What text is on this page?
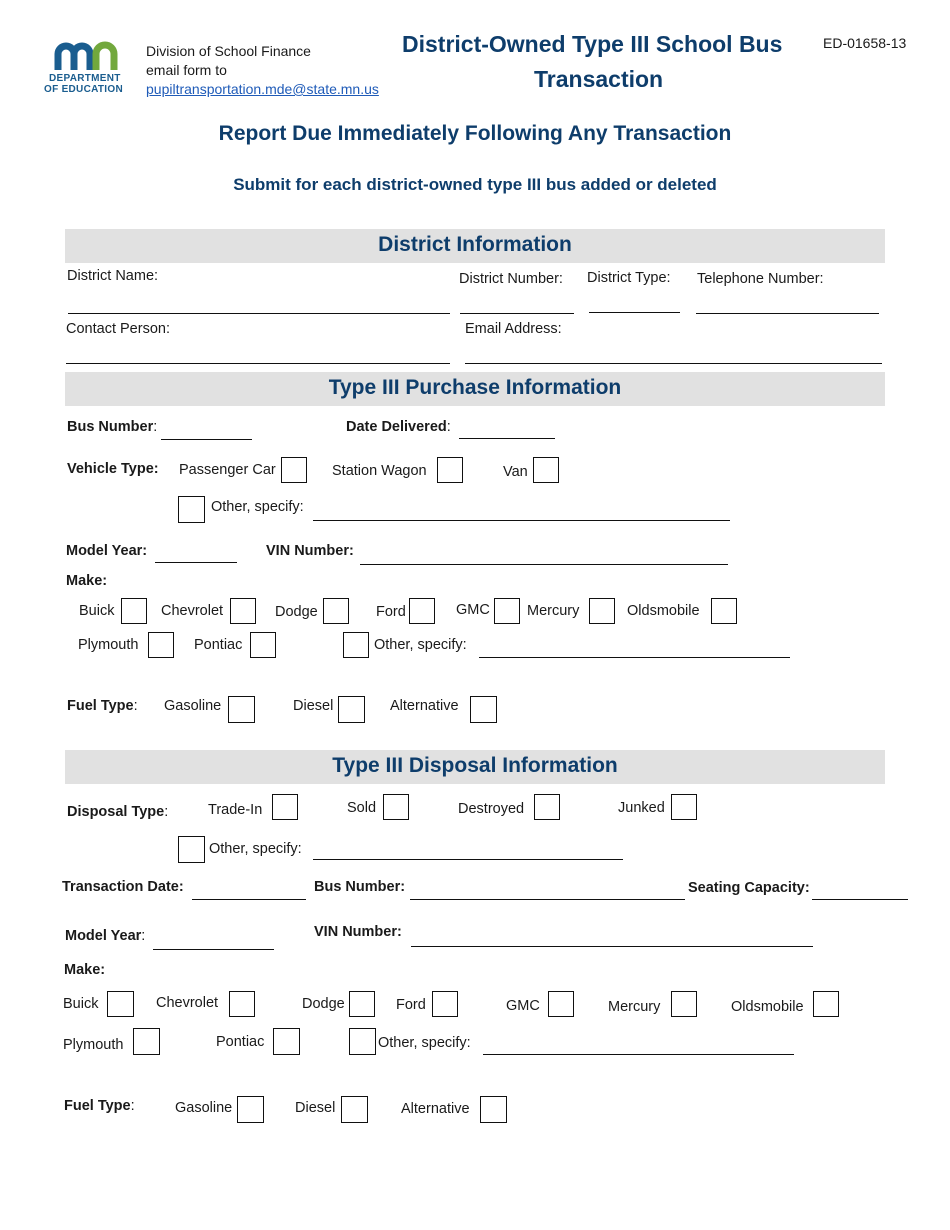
DEPARTMENT
OF EDUCATION
Division of School Finance
email form to
pupiltransportation.mde@state.mn.us
District-Owned Type III School Bus
Transaction
ED-01658-13
Report Due Immediately Following Any Transaction
Submit for each district-owned type III bus added or deleted
District Information
District Name:	District Number: District Type: Telephone Number:
Contact Person:	Email Address:
Type III Purchase Information
Bus Number:	Date Delivered:
Vehicle Type: Passenger Car	Station Wagon	Van
Other, specify:
Model Year:	VIN Number:
Make:
Buick	Chevrolet	Dodge	Ford	GMC	Mercury	Oldsmobile
Plymouth	Pontiac	Other, specify:
Fuel Type: Gasoline	Diesel	Alternative
Type III Disposal Information
Disposal Type:	Trade-In	Sold	Destroyed	Junked
Other, specify:
Transaction Date:	Bus Number:	Seating Capacity:
Model Year:	VIN Number:
Make:
Buick	Chevrolet	Dodge	Ford	GMC	Mercury	Oldsmobile
Plymouth	Pontiac	Other, specify:
Fuel Type:	Gasoline	Diesel	Alternative
